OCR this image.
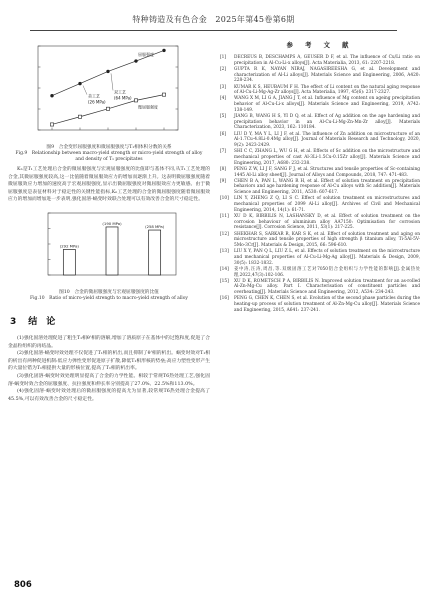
特种铸造及有色合金　2025年第45卷第6期
微屈服强度
屈服强度
美工艺
(26 MPa)
双工艺
(64 MPa)
图9　合金变形屈服强度和微屈服强度与T₁相体积分数的关系
Fig.9　Relationship between macro-yield strength or micro-yield strength of alloy and density of T₁ precipitates

Kₙ是T₁工艺处理后合金的微屈服强度与宏观屈服强度的比值即与基体不同,从T₁工艺处理的合金,其微屈服强度较高,这一比值随着微屈服效应力的增加而逐渐上升。这表明微屈服强度随着微屈服效应力增加的速度高于宏观屈服强度,显示出微屈服强度对微屈服效应力更敏感。由于微屈服强度是表征材料对于稳定性的关键性能指标,Kₙ工艺处理的合金的微屈服强度随着微屈服效应力的增加而增加进一步表明,强化固溶-蜗变时效联合处理可以有效改善合金的尺寸稳定性。

(292 MPa)
(190 MPa)
(258 MPa)
图10　合金的微屈服强度与宏观屈服强度的比值
Fig.10　Ratio of micro-yield strength to macro-yield strength of alloy
3 结　论

(1)强化固溶处理促进了粗生T₁相θ'相的溶解,增加了溶质原子在基体中的过饱和度,促进了合金晶粒组织的再结晶。

(2)强化固溶-蜗变时效处理不仅促进了T₁相的析出,而且抑制了θ'相的析出。蜗变时效对T₁相的析出有两种促进机制:低应力弹性变形促进原子扩散,降低T₁相形核的势垒;高应力塑性变形产生的大量位错为T₁相提供大量的形核位置,提高了T₁相的析出率。

(3)强化固溶-蜗变时效处理明显提高了合金的力学性能。相较于常规T6热处理工艺,强化固溶-蜗变时效合金的屈服强度、抗拉强度和伸长率分别提高了27.0%、22.5%和113.0%。

(4)强化固溶-蜗变时效处理后的微屈服强度的提高尤为显著,较常规T6热处理合金提高了45.5%,可以有效改善合金的尺寸稳定性。

806
参 考 文 献
[1]	DECREUS B, DESCHAMPS A, GEUSER D F, et al. The influence of Cu/Li ratio on precipitation in Al-Cu-Li-x alloys[J]. Acta Materialia, 2013, 61: 2207-2218.
[2]	GUPTA R K, NAYAN NIRAJ, NAGASIREESHA G, et al. Development and characterization of Al-Li alloys[J]. Materials Science and Engineering, 2006, A420: 228-234.
[3]	KUMAR K S, HEUBAUM F H. The effect of Li content on the natural aging response of Al-Cu-Li-Mg-Ag-Zr alloys[J]. Acta Materialia, 1997, 45(6): 2317-2327.
[4]	WANG X M, LI G A, JIANG J T, et al. Influence of Mg content on ageing precipitation behavior of Al-Cu-Li-x alloys[J]. Materials Science and Engineering, 2019, A742: 138-149.
[5]	JIANG B, WANG H S, YI D Q, et al. Effect of Ag addition on the age hardening and precipitation behavior in an Al-Cu-Li-Mg-Zn-Mn-Zr alloy[J]. Materials Characterization, 2023, 162: 110184.
[6]	LIU D Y, MA Y L, LI J F, et al. The influence of Zn addition on microstructure of an Al-1.7Cu-4.8Li-0.4Mg alloy[J]. Journal of Materials Research and Technology, 2020, 9(2): 2423-2429.
[7]	SHI C C, ZHANG L, WU G H, et al. Effects of Sc addition on the microstructure and mechanical properties of cast Al-3Li-1.5Cu-0.15Zr alloy[J]. Materials Science and Engineering, 2017, A680: 232-238.
[8]	PENG Z W, LI J F, SANG F J, et al. Structures and tensile properties of Sc-containing 1445 Al-Li alloy sheet[J]. Journal of Alloys and Compounds, 2018, 747: 471-483.
[9]	CHEN B A, PAN L, WANG R H, et al. Effect of solution treatment on precipitation behaviors and age hardening response of Al-Cu alloys with Sc addition[J]. Materials Science and Engineering, 2011, A530: 607-617.
[10]	LIN Y, ZHENG Z Q, LI S C. Effect of solution treatment on microstructures and mechanical properties of 2099 Al-Li alloy[J]. Archives of Civil and Mechanical Engineering, 2014, 14(1): 61-71.
[11]	XU D K, BIRBILIS N, LASHANSKY D, et al. Effect of solution treatment on the corrosion behaviour of aluminium alloy AA7150: Optimisation for corrosion resistance[J]. Corrosion Science, 2011, 53(1): 217-225.
[12]	SHEKHAR S, SARKAR R, KAR S K, et al. Effect of solution treatment and aging on microstructure and tensile properties of high strength β titanium alloy, Ti-5Al-5V-5Mo-3Cr[J]. Materials & Design, 2015, 66: 596-610.
[13]	LIU X Y, PAN Q L, LIU Z L, et al. Effects of solution treatment on the microstructure and mechanical properties of Al-Cu-Li-Mg-Ag alloy[J]. Materials & Design, 2009, 30(5): 1832-1832.
[14]	姜中涛,汪涛,周昌,等.双级固溶工艺对7050铝合金组织与力学性能的影响[J].金属热处理,2022,47(3):102-106.
[15]	XU D K, ROMETSCH P A, BIRBILIS N. Improved solution treatment for an as-rolled Al-Zn-Mg-Cu alloy. Part I. Characterisation of constituent particles and overheating[J]. Materials Science and Engineering, 2012, A534: 234-243.
[16]	PENG G, CHEN K, CHEN S, et al. Evolution of the second phase particles during the heating-up process of solution treatment of Al-Zn-Mg-Cu alloy[J]. Materials Science and Engineering, 2015, A641: 237-241.
